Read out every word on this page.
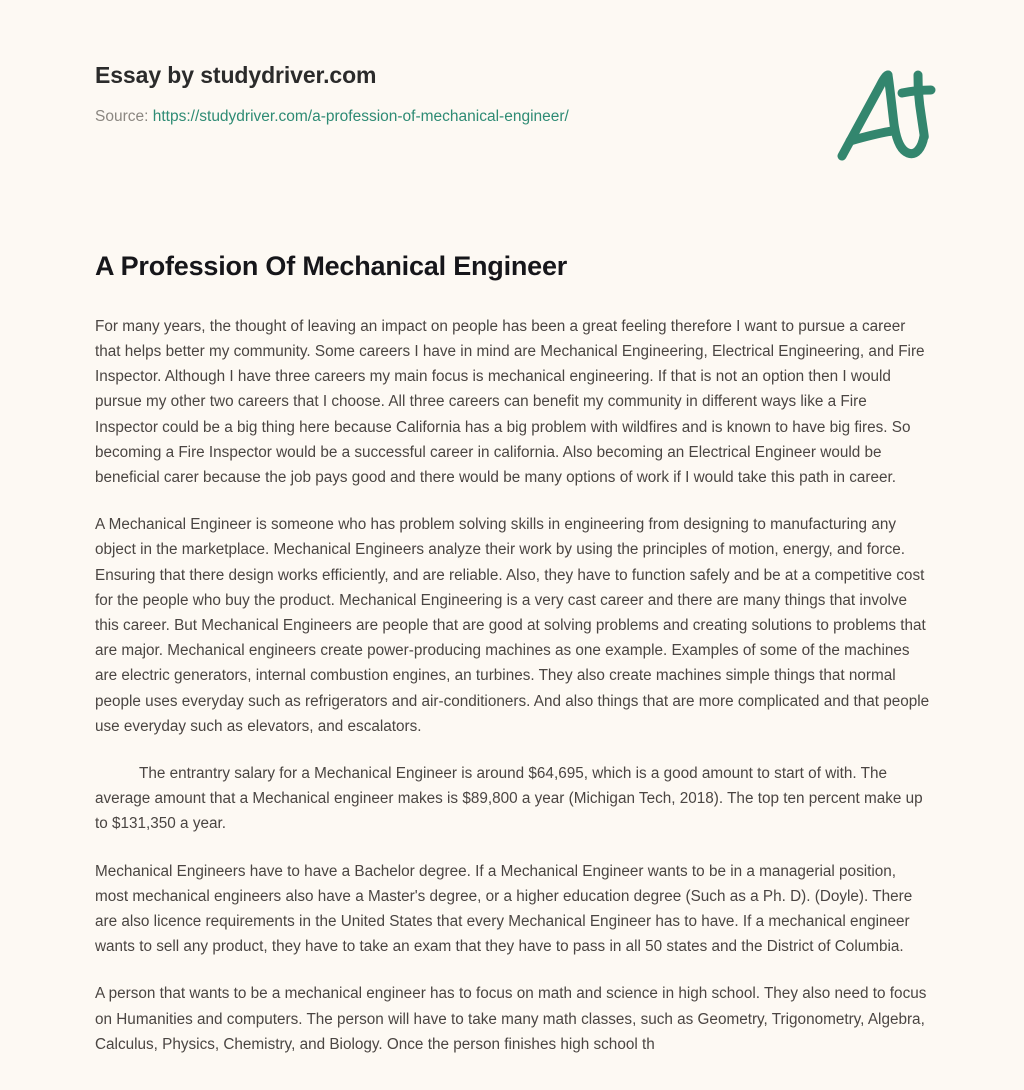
Essay by studydriver.com
Source: https://studydriver.com/a-profession-of-mechanical-engineer/
A Profession Of Mechanical Engineer

For many years, the thought of leaving an impact on people has been a great feeling therefore I want to pursue a career that helps better my community. Some careers I have in mind are Mechanical Engineering, Electrical Engineering, and Fire Inspector. Although I have three careers my main focus is mechanical engineering. If that is not an option then I would pursue my other two careers that I choose. All three careers can benefit my community in different ways like a Fire Inspector could be a big thing here because California has a big problem with wildfires and is known to have big fires. So becoming a Fire Inspector would be a successful career in california. Also becoming an Electrical Engineer would be beneficial carer because the job pays good and there would be many options of work if I would take this path in career.

A Mechanical Engineer is someone who has problem solving skills in engineering from designing to manufacturing any object in the marketplace. Mechanical Engineers analyze their work by using the principles of motion, energy, and force. Ensuring that there design works efficiently, and are reliable. Also, they have to function safely and be at a competitive cost for the people who buy the product. Mechanical Engineering is a very cast career and there are many things that involve this career. But Mechanical Engineers are people that are good at solving problems and creating solutions to problems that are major. Mechanical engineers create power-producing machines as one example. Examples of some of the machines are electric generators, internal combustion engines, an turbines. They also create machines simple things that normal people uses everyday such as refrigerators and air-conditioners. And also things that are more complicated and that people use everyday such as elevators, and escalators.

The entrantry salary for a Mechanical Engineer is around $64,695, which is a good amount to start of with. The average amount that a Mechanical engineer makes is $89,800 a year (Michigan Tech, 2018). The top ten percent make up to $131,350 a year.

Mechanical Engineers have to have a Bachelor degree. If a Mechanical Engineer wants to be in a managerial position, most mechanical engineers also have a Master's degree, or a higher education degree (Such as a Ph. D). (Doyle). There are also licence requirements in the United States that every Mechanical Engineer has to have. If a mechanical engineer wants to sell any product, they have to take an exam that they have to pass in all 50 states and the District of Columbia.

A person that wants to be a mechanical engineer has to focus on math and science in high school. They also need to focus on Humanities and computers. The person will have to take many math classes, such as Geometry, Trigonometry, Algebra, Calculus, Physics, Chemistry, and Biology. Once the person finishes high school th
